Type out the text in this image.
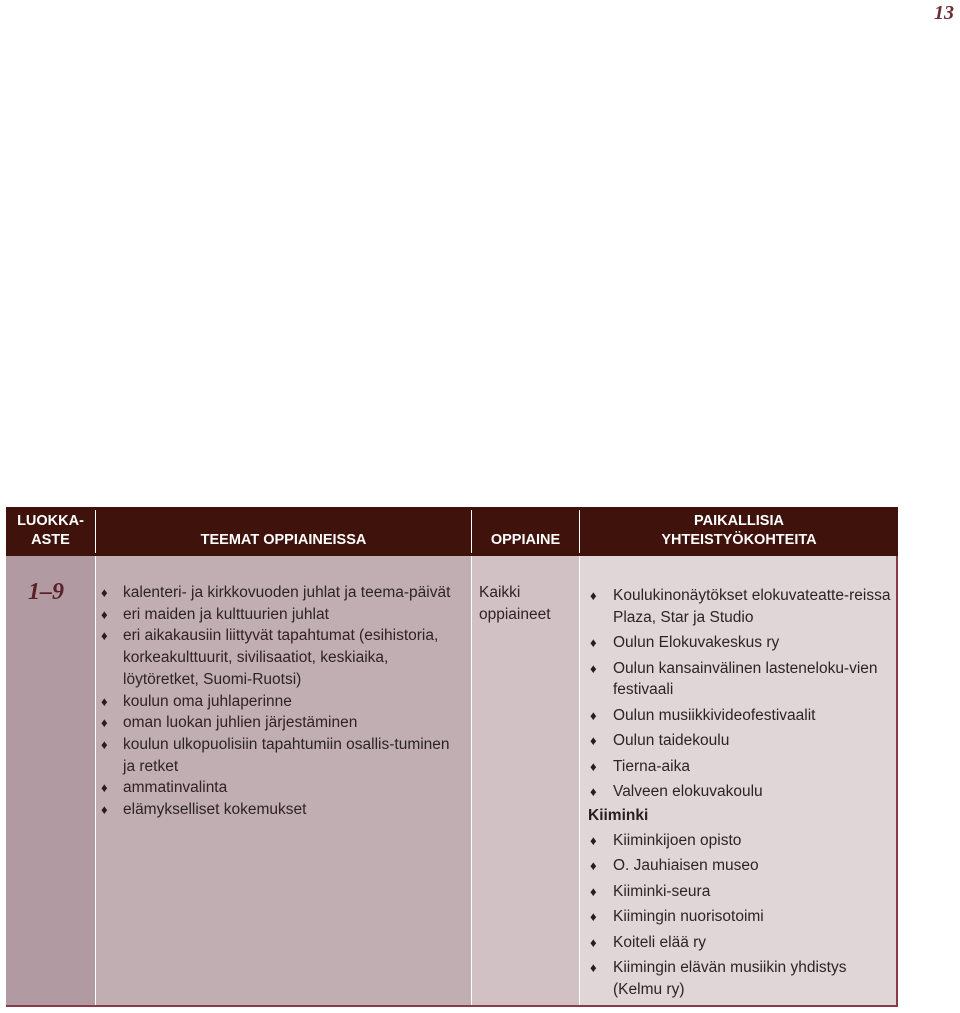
13
LUOKKA-
ASTE	TEEMAT OPPIAINEISSA	OPPIAINE
PAIKALLISIA
YHTEISTYÖKOHTEITA
1–9
♦	kalenteri- ja kirkkovuoden juhlat ja teema-päivät
♦ eri maiden ja kulttuurien juhlat
♦ eri aikakausiin liittyvät tapahtumat (esihistoria, korkeakulttuurit, sivilisaatiot, keskiaika, löytöretket, Suomi-Ruotsi)
♦ koulun oma juhlaperinne
♦ oman luokan juhlien järjestäminen
♦ koulun ulkopuolisiin tapahtumiin osallis-tuminen ja retket
♦ ammatinvalinta
♦ elämykselliset kokemukset
Kaikki oppiaineet
♦ Koulukinonäytökset elokuvateatte-reissa Plaza, Star ja Studio
♦ Oulun Elokuvakeskus ry
♦ Oulun kansainvälinen lasteneloku-vien festivaali
♦ Oulun musiikkivideofestivaalit
♦ Oulun taidekoulu
♦ Tierna-aika
♦ Valveen elokuvakoulu
Kiiminki
♦ Kiiminkijoen opisto
♦ O. Jauhiaisen museo
♦ Kiiminki-seura
♦ Kiimingin nuorisotoimi
♦ Koiteli elää ry
♦ Kiimingin elävän musiikin yhdistys (Kelmu ry)
